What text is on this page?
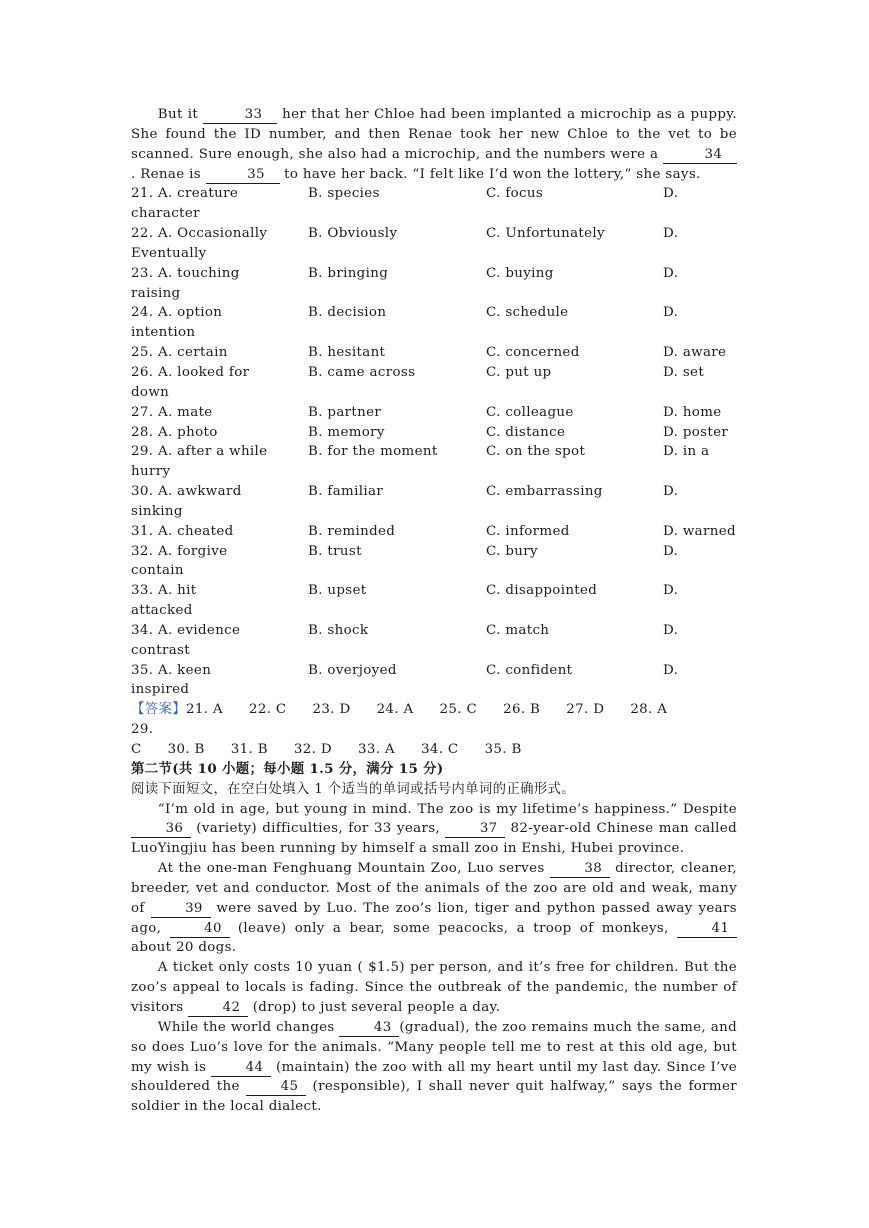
But it	33 her that her Chloe had been implanted a microchip as a puppy. She found the ID number, and then Renae took her new Chloe to the vet to be scanned. Sure enough, she also had a microchip, and the numbers were a	34. Renae is	35 to have her back. “I felt like I’d won the lottery,” she says.

21. A. creature	B. species	C. focus	D.
character
22. A. Occasionally	B. Obviously	C. Unfortunately	D.
Eventually
23. A. touching	B. bringing	C. buying	D.
raising
24. A. option	B. decision	C. schedule	D.
intention
25. A. certain	B. hesitant	C. concerned	D. aware
26. A. looked for	B. came across	C. put up	D. set
down
27. A. mate	B. partner	C. colleague	D. home
28. A. photo	B. memory	C. distance	D. poster
29. A. after a while	B. for the moment	C. on the spot	D. in a
hurry
30. A. awkward	B. familiar	C. embarrassing	D.
sinking
31. A. cheated	B. reminded	C. informed	D. warned
32. A. forgive	B. trust	C. bury	D.
contain
33. A. hit	B. upset	C. disappointed	D.
attacked
34. A. evidence	B. shock	C. match	D.
contrast
35. A. keen	B. overjoyed	C. confident	D.
inspired

【答案】21. A 22. C 23. D 24. A 25. C 26. B 27. D 28. A29.
C 30. B 31. B 32. D 33. A 34. C 35. B

第二节(共 10 小题；每小题 1.5 分，满分 15 分)

阅读下面短文，在空白处填入 1 个适当的单词或括号内单词的正确形式。

“I’m old in age, but young in mind. The zoo is my lifetime’s happiness.” Despite 36 (variety) difficulties, for 33 years,	37 82-year-old Chinese man called LuoYingjiu has been running by himself a small zoo in Enshi, Hubei province.

At the one-man Fenghuang Mountain Zoo, Luo serves	38 director, cleaner, breeder, vet and conductor. Most of the animals of the zoo are old and weak, many of	39 were saved by Luo. The zoo’s lion, tiger and python passed away years ago,	40 (leave) only a bear, some peacocks, a troop of monkeys,	41 about 20 dogs.

A ticket only costs 10 yuan ( $1.5) per person, and it’s free for children. But the zoo’s appeal to locals is fading. Since the outbreak of the pandemic, the number of visitors	42 (drop) to just several people a day.

While the world changes	43 (gradual), the zoo remains much the same, and so does Luo’s love for the animals. “Many people tell me to rest at this old age, but my wish is	44 (maintain) the zoo with all my heart until my last day. Since I’ve shouldered the	45 (responsible), I shall never quit halfway,” says the former soldier in the local dialect.
